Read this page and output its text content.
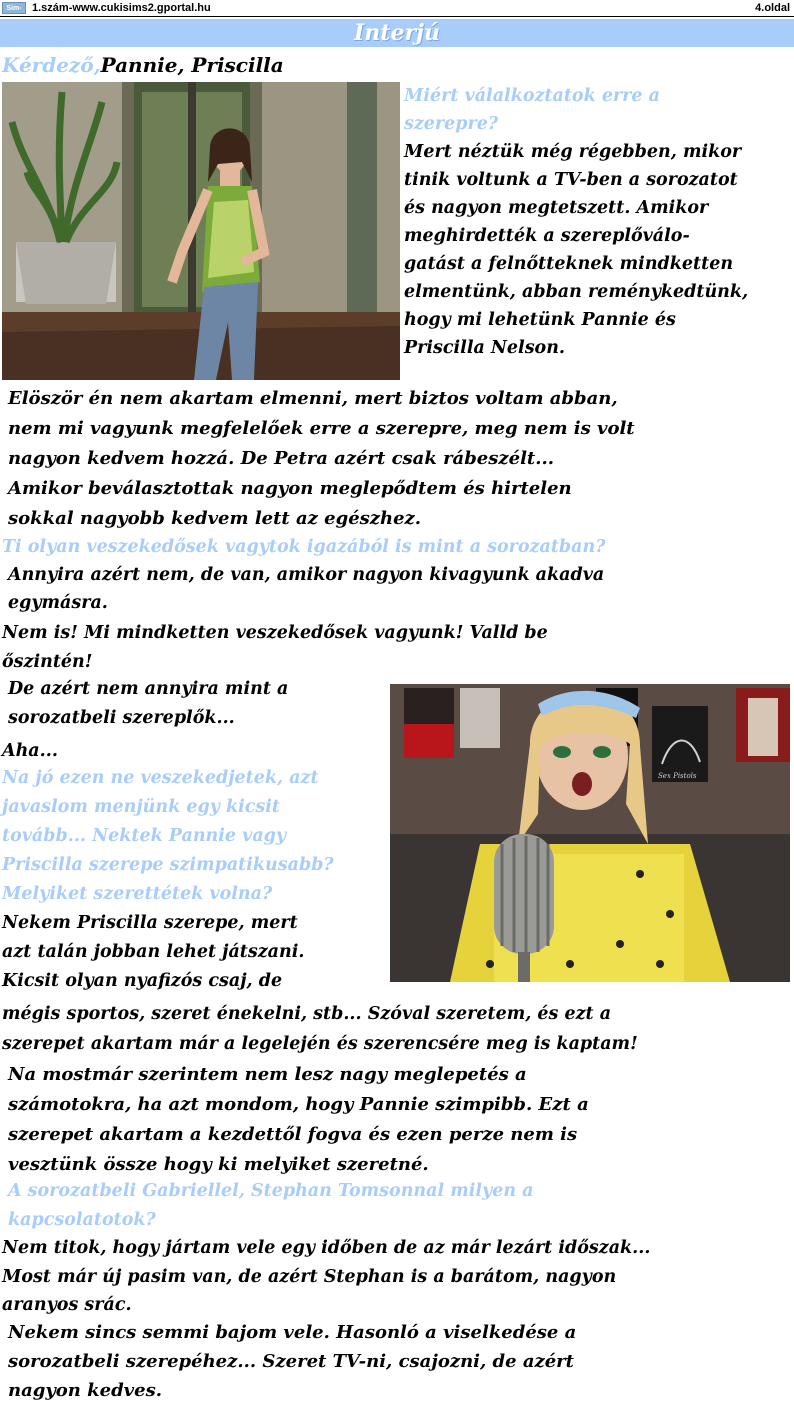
Sim- 1.szám-www.cukisims2.gportal.hu	4.oldal
Interjú

Kérdező,Pannie, Priscilla

Miért válalkoztatok erre a

szerepre?

Mert néztük még régebben, mikor

tinik voltunk a TV-ben a sorozatot

és nagyon megtetszett. Amikor

meghirdették a szereplőválo-

gatást a felnőtteknek mindketten

elmentünk, abban reménykedtünk,

hogy mi lehetünk Pannie és

Priscilla Nelson.

Elöször én nem akartam elmenni, mert biztos voltam abban,

nem mi vagyunk megfelelőek erre a szerepre, meg nem is volt

nagyon kedvem hozzá. De Petra azért csak rábeszélt...

Amikor beválasztottak nagyon meglepődtem és hirtelen

sokkal nagyobb kedvem lett az egészhez.

Ti olyan veszekedősek vagytok igazából is mint a sorozatban?

Annyira azért nem, de van, amikor nagyon kivagyunk akadva

egymásra.

Nem is! Mi mindketten veszekedősek vagyunk! Valld be

őszintén!

De azért nem annyira mint a

sorozatbeli szereplők...

Aha...

Na jó ezen ne veszekedjetek, azt

javaslom menjünk egy kicsit

tovább... Nektek Pannie vagy

Priscilla szerepe szimpatikusabb?

Melyiket szerettétek volna?

Sex Pistols

Nekem Priscilla szerepe, mert

azt talán jobban lehet játszani.

Kicsit olyan nyafizós csaj, de

mégis sportos, szeret énekelni, stb... Szóval szeretem, és ezt a

szerepet akartam már a legelején és szerencsére meg is kaptam!

Na mostmár szerintem nem lesz nagy meglepetés a

számotokra, ha azt mondom, hogy Pannie szimpibb. Ezt a

szerepet akartam a kezdettől fogva és ezen perze nem is

vesztünk össze hogy ki melyiket szeretné.

A sorozatbeli Gabriellel, Stephan Tomsonnal milyen a

kapcsolatotok?

Nem titok, hogy jártam vele egy időben de az már lezárt időszak...

Most már új pasim van, de azért Stephan is a barátom, nagyon

aranyos srác.

Nekem sincs semmi bajom vele. Hasonló a viselkedése a

sorozatbeli szerepéhez... Szeret TV-ni, csajozni, de azért

nagyon kedves.
